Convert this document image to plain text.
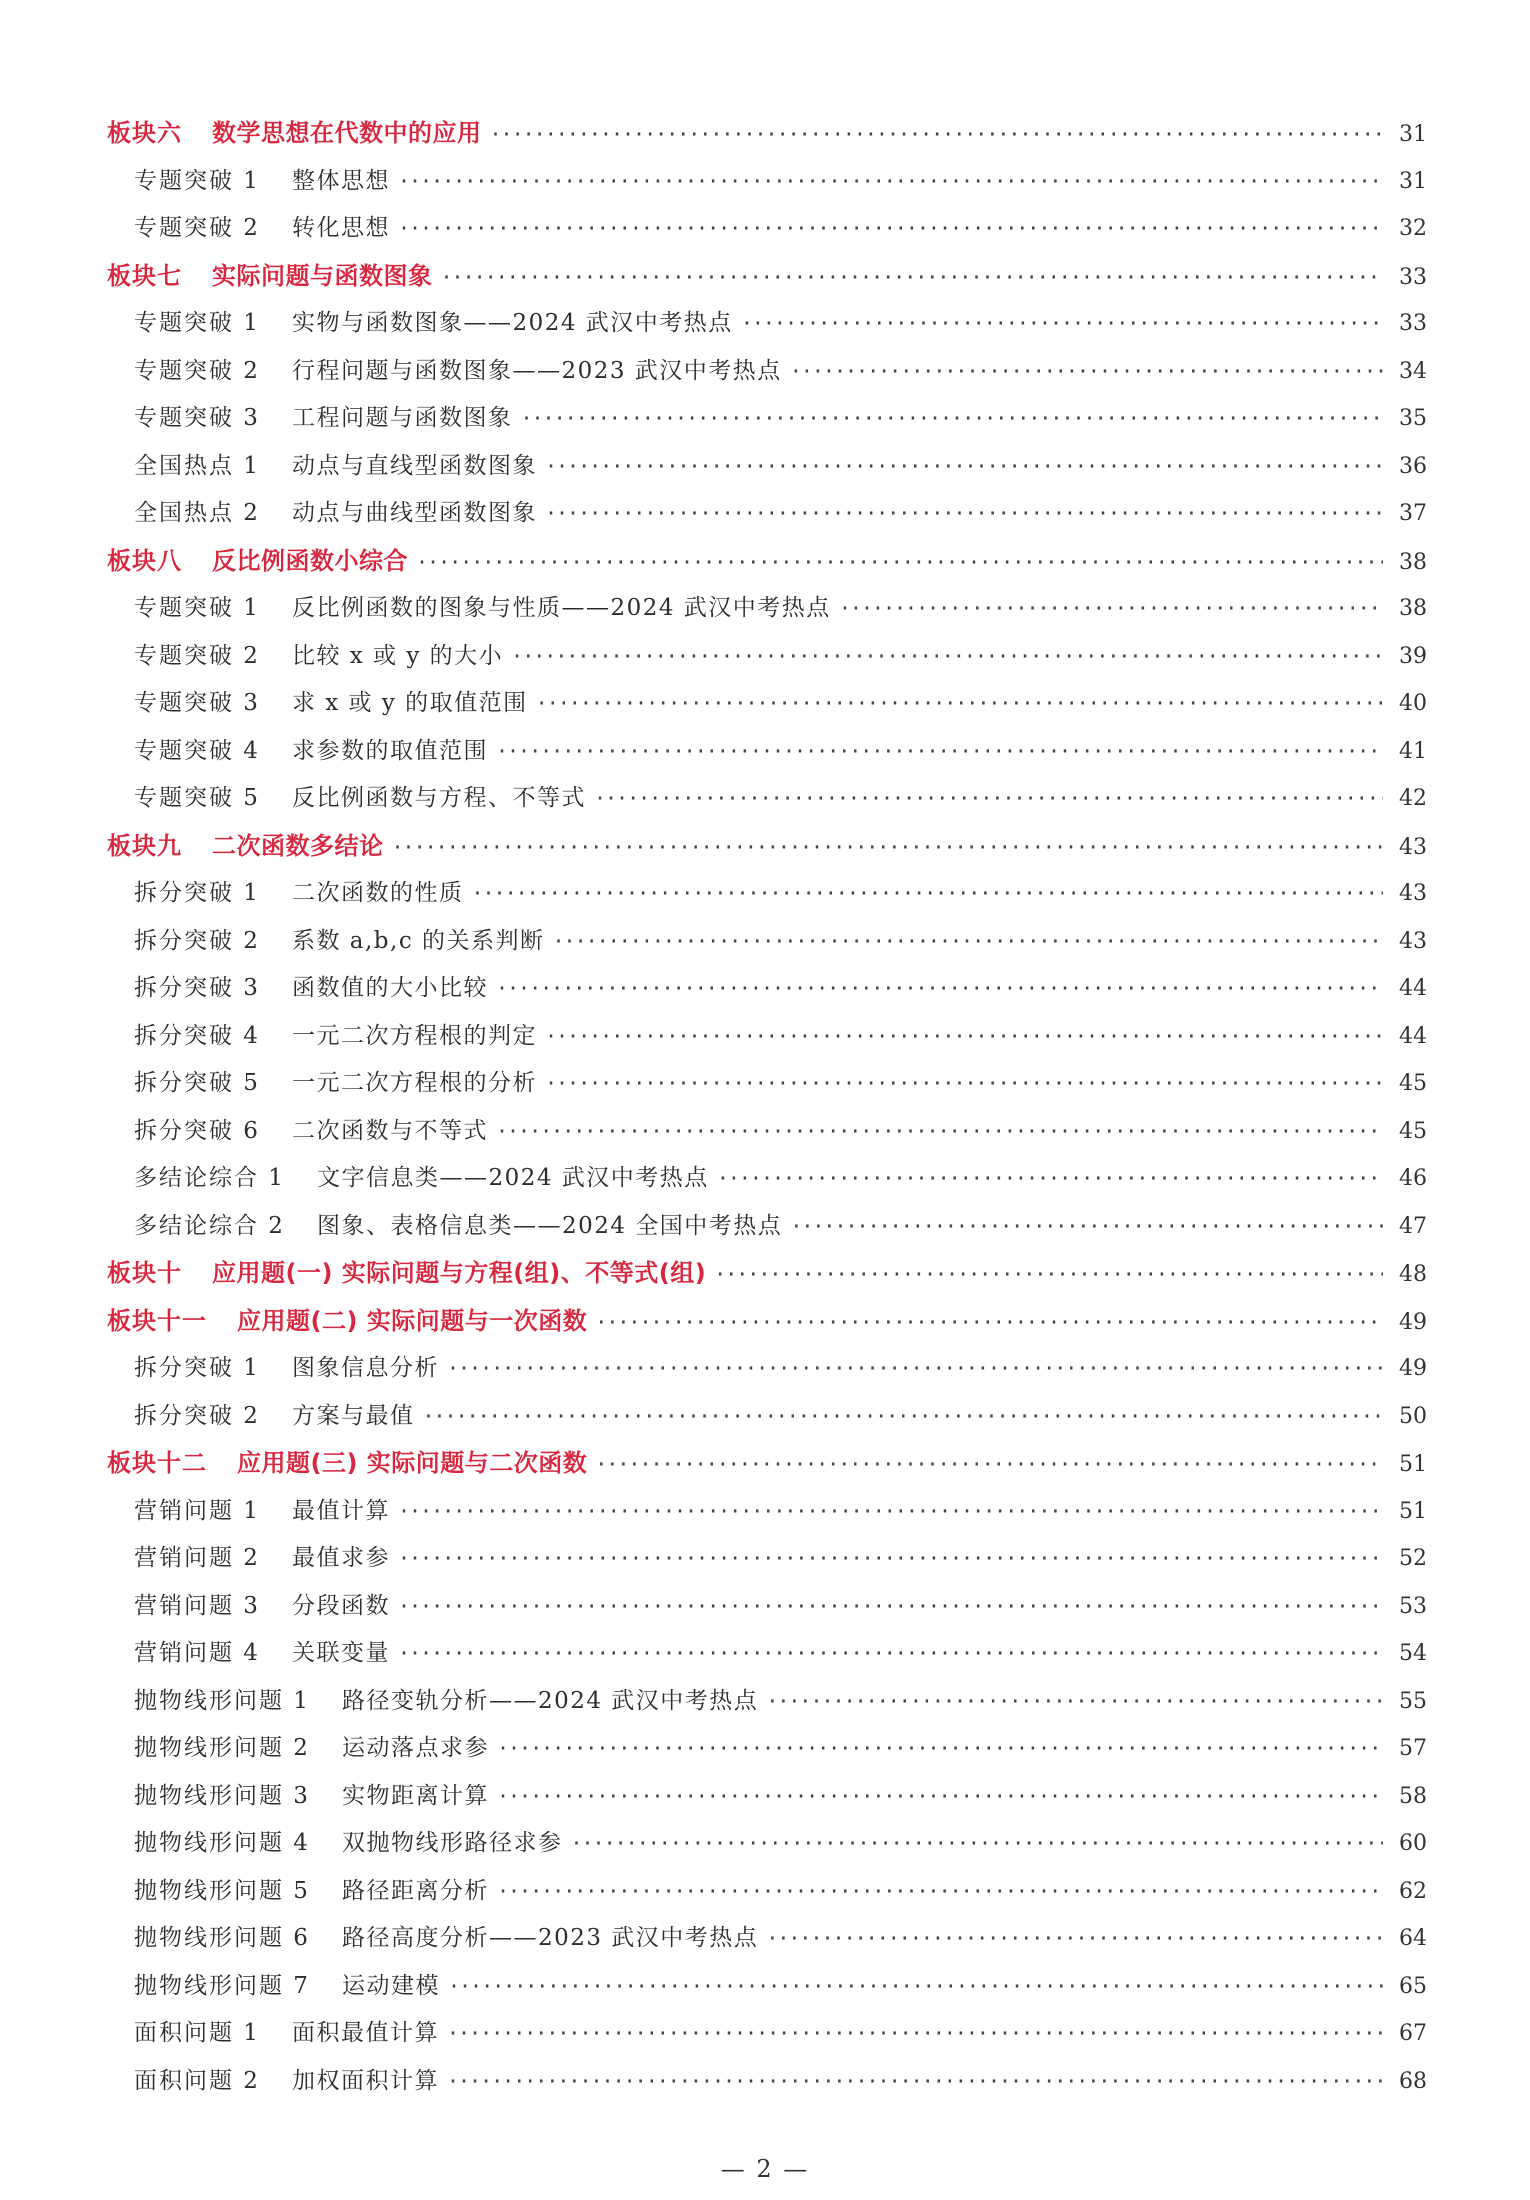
板块六 数学思想在代数中的应用 ·····	31
专题突破 1 整体思想 ·····	31
专题突破 2 转化思想 ·····	32
板块七 实际问题与函数图象 ·····	33
专题突破 1 实物与函数图象——2024 武汉中考热点 ·····	33
专题突破 2 行程问题与函数图象——2023 武汉中考热点 ·····	34
专题突破 3 工程问题与函数图象 ·····	35
全国热点 1 动点与直线型函数图象 ·····	36
全国热点 2 动点与曲线型函数图象 ·····	37
板块八 反比例函数小综合 ·····	38
专题突破 1 反比例函数的图象与性质——2024 武汉中考热点 ·····	38
专题突破 2 比较 x 或 y 的大小 ·····	39
专题突破 3 求 x 或 y 的取值范围 ·····	40
专题突破 4 求参数的取值范围 ·····	41
专题突破 5 反比例函数与方程、不等式 ·····	42
板块九 二次函数多结论 ·····	43
拆分突破 1 二次函数的性质 ·····	43
拆分突破 2 系数 a,b,c 的关系判断 ·····	43
拆分突破 3 函数值的大小比较 ·····	44
拆分突破 4 一元二次方程根的判定 ·····	44
拆分突破 5 一元二次方程根的分析 ·····	45
拆分突破 6 二次函数与不等式 ·····	45
多结论综合 1 文字信息类——2024 武汉中考热点 ·····	46
多结论综合 2 图象、表格信息类——2024 全国中考热点 ·····	47
板块十 应用题(一) 实际问题与方程(组)、不等式(组) ·····	48
板块十一 应用题(二) 实际问题与一次函数 ·····	49
拆分突破 1 图象信息分析 ·····	49
拆分突破 2 方案与最值 ·····	50
板块十二 应用题(三) 实际问题与二次函数 ·····	51
营销问题 1 最值计算 ·····	51
营销问题 2 最值求参 ·····	52
营销问题 3 分段函数 ·····	53
营销问题 4 关联变量 ·····	54
抛物线形问题 1 路径变轨分析——2024 武汉中考热点 ·····	55
抛物线形问题 2 运动落点求参 ·····	57
抛物线形问题 3 实物距离计算 ·····	58
抛物线形问题 4 双抛物线形路径求参 ·····	60
抛物线形问题 5 路径距离分析 ·····	62
抛物线形问题 6 路径高度分析——2023 武汉中考热点 ·····	64
抛物线形问题 7 运动建模 ·····	65
面积问题 1 面积最值计算 ·····	67
面积问题 2 加权面积计算 ·····	68
— 2 —
